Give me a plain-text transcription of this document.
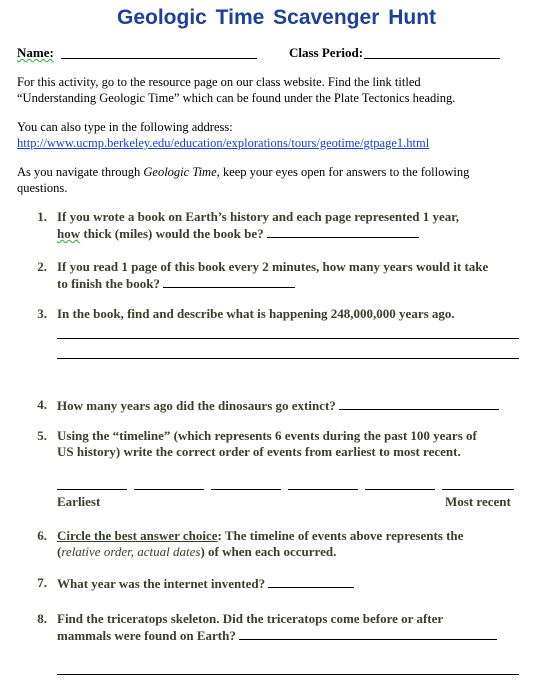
Geologic Time Scavenger Hunt
Name:	Class Period:
For this activity, go to the resource page on our class website. Find the link titled
“Understanding Geologic Time” which can be found under the Plate Tectonics heading.
You can also type in the following address:
http://www.ucmp.berkeley.edu/education/explorations/tours/geotime/gtpage1.html
As you navigate through Geologic Time, keep your eyes open for answers to the following
questions.
1. If you wrote a book on Earth’s history and each page represented 1 year,
how thick (miles) would the book be?
2. If you read 1 page of this book every 2 minutes, how many years would it take
to finish the book?
3. In the book, find and describe what is happening 248,000,000 years ago.
4. How many years ago did the dinosaurs go extinct?
5. Using the “timeline” (which represents 6 events during the past 100 years of
US history) write the correct order of events from earliest to most recent.
Earliest	Most recent
6. Circle the best answer choice: The timeline of events above represents the
(relative order, actual dates) of when each occurred.
7. What year was the internet invented?
8. Find the triceratops skeleton. Did the triceratops come before or after
mammals were found on Earth?
